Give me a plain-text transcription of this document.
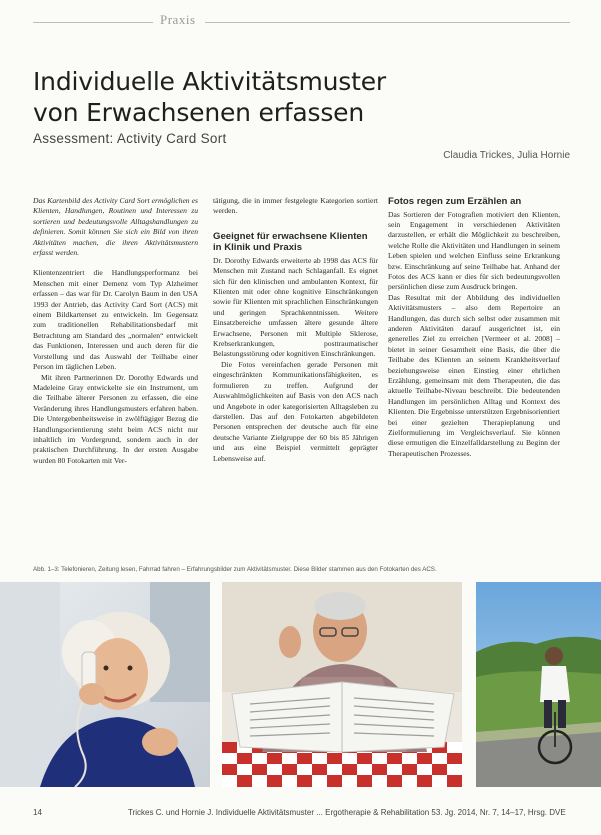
Praxis
Individuelle Aktivitätsmuster
von Erwachsenen erfassen
Assessment: Activity Card Sort
Claudia Trickes, Julia Hornie

Das Kartenbild des Activity Card Sort ermöglichen es Klienten, Handlungen, Routinen und Interessen zu sortieren und bedeutungsvolle Alltagshandlungen zu definieren. Somit können Sie sich ein Bild von ihren Aktivitäten machen, die ihren Aktivitätsmustern erfasst werden.

Klientenzentriert die Handlungsperformanz bei Menschen mit einer Demenz vom Typ Alzheimer erfassen – das war für Dr. Carolyn Baum in den USA 1993 der Antrieb, das Activity Card Sort (ACS) mit einem Bildkartenset zu entwickeln. Im Gegensatz zum traditionellen Rehabilitationsbedarf mit Betrachtung am Standard des „normalen“ entwickelt das Funktionen, Interessen und auch deren für die Vorstellung und das Auswahl der Teilhabe einer Person im täglichen Leben.

Mit ihren Partnerinnen Dr. Dorothy Edwards und Madeleine Gray entwickelte sie ein Instrument, um die Teilhabe älterer Personen zu erfassen, die eine Veränderung ihres Handlungsmusters erfahren haben. Die Untergebenheitsweise in zwölftägiger Bezug die Handlungsorientierung steht beim ACS nicht nur inhaltlich im Vordergrund, sondern auch in der praktischen Durchführung. In der ersten Ausgabe wurden 80 Fotokarten mit Ver-

tätigung, die in immer festgelegte Kategorien sortiert werden.

Geeignet für erwachsene Klienten in Klinik und Praxis

Dr. Dorothy Edwards erweiterte ab 1998 das ACS für Menschen mit Zustand nach Schlaganfall. Es eignet sich für den klinischen und ambulanten Kontext, für Klienten mit oder ohne kognitive Einschränkungen sowie für Klienten mit sprachlichen Einschränkungen und geringen Sprachkenntnissen. Weitere Einsatzbereiche umfassen ältere gesunde ältere Erwachsene, Personen mit Multiple Sklerose, Krebserkrankungen, posttraumatischer Belastungsstörung oder kognitiven Einschränkungen.

Die Fotos vereinfachen gerade Personen mit eingeschränkten Kommunikationsfähigkeiten, es formulieren zu treffen. Aufgrund der Auswahlmöglichkeiten auf Basis von den ACS nach und Angebote in oder kategorisierten Alltagsleben zu darstellen. Das auf den Fotokarten abgebildeten Personen entsprechen der deutsche auch für eine deutsche Variante Zielgruppe der 60 bis 85 Jährigen und aus eine Beispiel vermittelt geprägter Lebensweise auf.

Fotos regen zum Erzählen an

Das Sortieren der Fotografien motiviert den Klienten, sein Engagement in verschiedenen Aktivitäten darzustellen, er erhält die Möglichkeit zu beschreiben, welche Rolle die Aktivitäten und Handlungen in seinem Leben spielen und welchen Einfluss seine Erkrankung bzw. Einschränkung auf seine Teilhabe hat. Anhand der Fotos des ACS kann er dies für sich bedeutungsvollen persönlichen diese zum Ausdruck bringen.

Das Resultat mit der Abbildung des individuellen Aktivitätsmusters – also dem Repertoire an Handlungen, das durch sich selbst oder zusammen mit anderen Aktivitäten darauf ausgerichtet ist, ein generelles Ziel zu erreichen [Vermeer et al. 2008] – bietet in seiner Gesamtheit eine Basis, die über die Teilhabe des Klienten an seinem Krankheitsverlauf beziehungsweise einen Einstieg einer ehrlichen Erzählung, gemeinsam mit dem Therapeuten, die das aktuelle Teilhabe-Niveau beschreibt. Die bedeutenden Handlungen im persönlichen Alltag und Kontext des Klienten. Die Ergebnisse unterstützen Ergebnisorientiert bei einer gezielten Therapieplanung und Zielformulierung im Vergleichsverlauf. Sie können diese ermutigen die Einzelfalldarstellung zu Beginn der Therapeutischen Prozesses.

Abb. 1–3: Telefonieren, Zeitung lesen, Fahrrad fahren – Erfahrungsbilder zum Aktivitätsmuster. Diese Bilder stammen aus den Fotokarten des ACS.
14	Trickes C. und Hornie J. Individuelle Aktivitätsmuster ... Ergotherapie & Rehabilitation 53. Jg. 2014, Nr. 7, 14–17, Hrsg. DVE
